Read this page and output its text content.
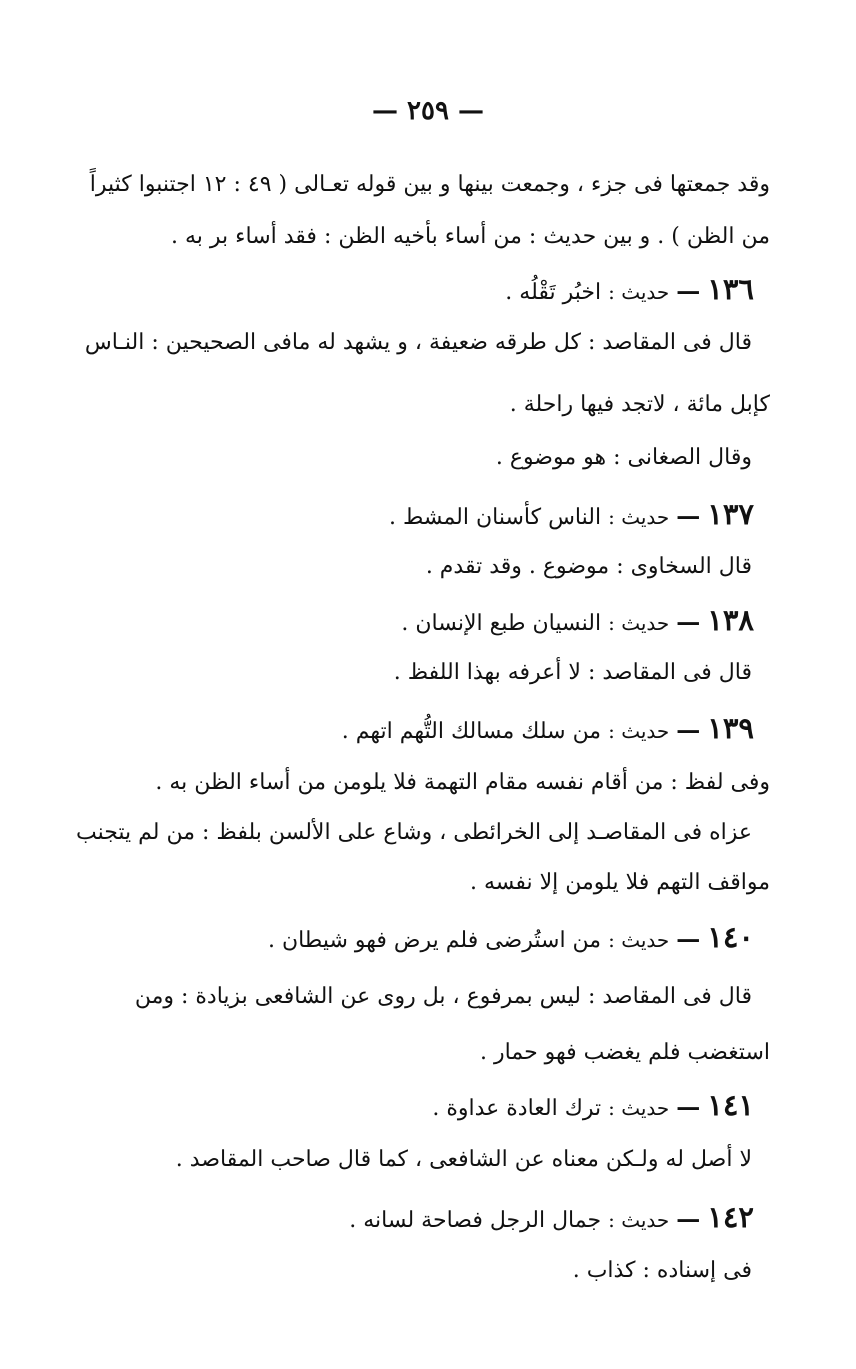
— ٢٥٩ —
وقد جمعتها فى جزء ، وجمعت بينها و بين قوله تعـالى ( ٤٩ : ١٢ اجتنبوا كثيراً
من الظن ) . و بين حديث : من أساء بأخيه الظن : فقد أساء بر به .
١٣٦ — حديث : اخبُر تَقْلُه .
قال فى المقاصد : كل طرقه ضعيفة ، و يشهد له مافى الصحيحين : النـاس
كإبل مائة ، لاتجد فيها راحلة .
وقال الصغانى : هو موضوع .
١٣٧ — حديث : الناس كأسنان المشط .
قال السخاوى : موضوع . وقد تقدم .
١٣٨ — حديث : النسيان طبع الإنسان .
قال فى المقاصد : لا أعرفه بهذا اللفظ .
١٣٩ — حديث : من سلك مسالك التُّهم اتهم .
وفى لفظ : من أقام نفسه مقام التهمة فلا يلومن من أساء الظن به .
عزاه فى المقاصـد إلى الخرائطى ، وشاع على الألسن بلفظ : من لم يتجنب
مواقف التهم فلا يلومن إلا نفسه .
١٤٠ — حديث : من استُرضى فلم يرض فهو شيطان .
قال فى المقاصد : ليس بمرفوع ، بل روى عن الشافعى بزيادة : ومن
استغضب فلم يغضب فهو حمار .
١٤١ — حديث : ترك العادة عداوة .
لا أصل له ولـكن معناه عن الشافعى ، كما قال صاحب المقاصد .
١٤٢ — حديث : جمال الرجل فصاحة لسانه .
فى إسناده : كذاب .
